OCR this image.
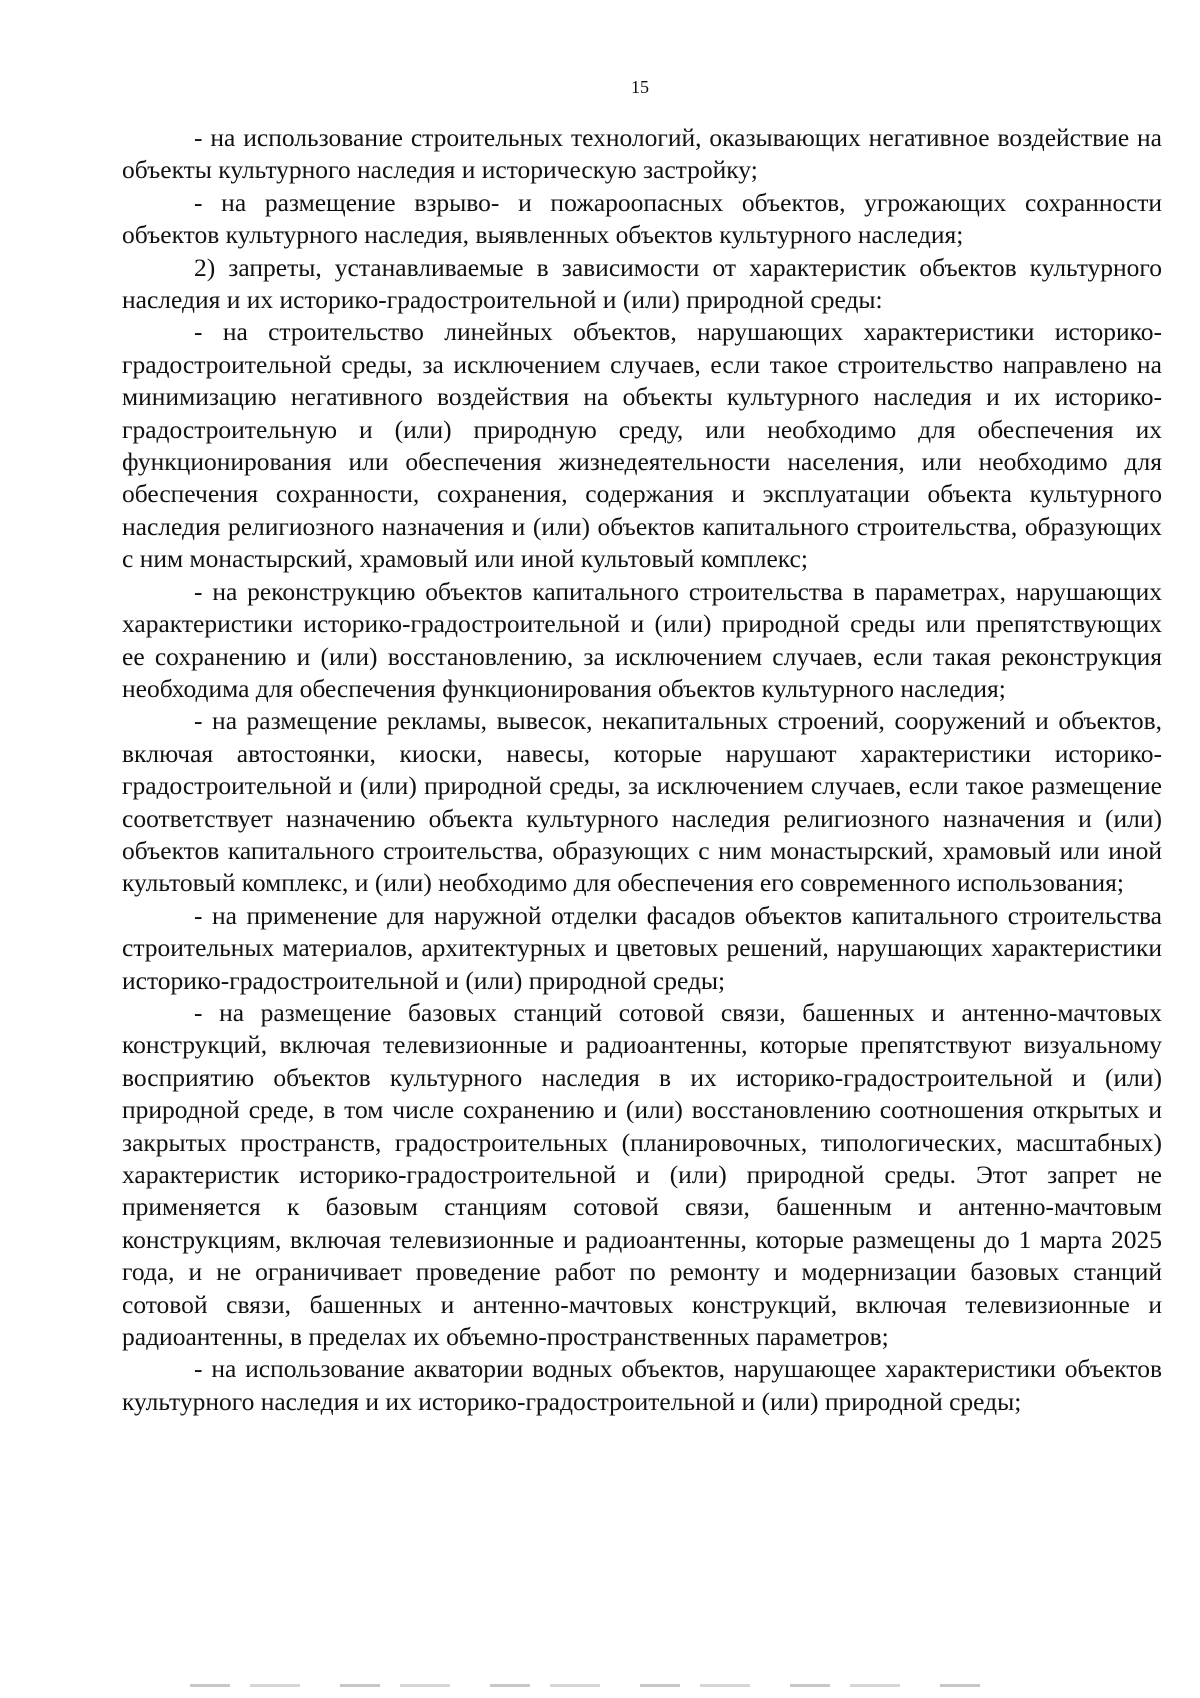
15

- на использование строительных технологий, оказывающих негативное воздействие на объекты культурного наследия и историческую застройку;

- на размещение взрыво- и пожароопасных объектов, угрожающих сохранности объектов культурного наследия, выявленных объектов культурного наследия;

2) запреты, устанавливаемые в зависимости от характеристик объектов культурного наследия и их историко-градостроительной и (или) природной среды:

- на строительство линейных объектов, нарушающих характеристики историко-градостроительной среды, за исключением случаев, если такое строительство направлено на минимизацию негативного воздействия на объекты культурного наследия и их историко-градостроительную и (или) природную среду, или необходимо для обеспечения их функционирования или обеспечения жизнедеятельности населения, или необходимо для обеспечения сохранности, сохранения, содержания и эксплуатации объекта культурного наследия религиозного назначения и (или) объектов капитального строительства, образующих с ним монастырский, храмовый или иной культовый комплекс;

- на реконструкцию объектов капитального строительства в параметрах, нарушающих характеристики историко-градостроительной и (или) природной среды или препятствующих ее сохранению и (или) восстановлению, за исключением случаев, если такая реконструкция необходима для обеспечения функционирования объектов культурного наследия;

- на размещение рекламы, вывесок, некапитальных строений, сооружений и объектов, включая автостоянки, киоски, навесы, которые нарушают характеристики историко-градостроительной и (или) природной среды, за исключением случаев, если такое размещение соответствует назначению объекта культурного наследия религиозного назначения и (или) объектов капитального строительства, образующих с ним монастырский, храмовый или иной культовый комплекс, и (или) необходимо для обеспечения его современного использования;

- на применение для наружной отделки фасадов объектов капитального строительства строительных материалов, архитектурных и цветовых решений, нарушающих характеристики историко-градостроительной и (или) природной среды;

- на размещение базовых станций сотовой связи, башенных и антенно-мачтовых конструкций, включая телевизионные и радиоантенны, которые препятствуют визуальному восприятию объектов культурного наследия в их историко-градостроительной и (или) природной среде, в том числе сохранению и (или) восстановлению соотношения открытых и закрытых пространств, градостроительных (планировочных, типологических, масштабных) характеристик историко-градостроительной и (или) природной среды. Этот запрет не применяется к базовым станциям сотовой связи, башенным и антенно-мачтовым конструкциям, включая телевизионные и радиоантенны, которые размещены до 1 марта 2025 года, и не ограничивает проведение работ по ремонту и модернизации базовых станций сотовой связи, башенных и антенно-мачтовых конструкций, включая телевизионные и радиоантенны, в пределах их объемно-пространственных параметров;

- на использование акватории водных объектов, нарушающее характеристики объектов культурного наследия и их историко-градостроительной и (или) природной среды;
